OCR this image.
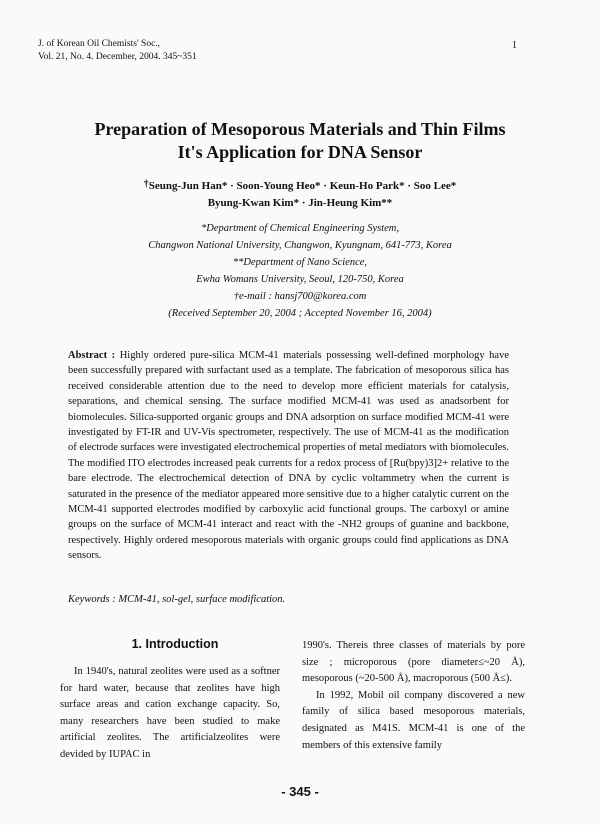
J. of Korean Oil Chemists' Soc.,
Vol. 21, No. 4. December, 2004. 345~351
1
Preparation of Mesoporous Materials and Thin Films
It's Application for DNA Sensor
†Seung-Jun Han* · Soon-Young Heo* · Keun-Ho Park* · Soo Lee*
Byung-Kwan Kim* · Jin-Heung Kim**
*Department of Chemical Engineering System,
Changwon National University, Changwon, Kyungnam, 641-773, Korea
**Department of Nano Science,
Ewha Womans University, Seoul, 120-750, Korea
†e-mail : hansj700@korea.com
(Received September 20, 2004 ; Accepted November 16, 2004)
Abstract : Highly ordered pure-silica MCM-41 materials possessing well-defined morphology have been successfully prepared with surfactant used as a template. The fabrication of mesoporous silica has received considerable attention due to the need to develop more efficient materials for catalysis, separations, and chemical sensing. The surface modified MCM-41 was used as anadsorbent for biomolecules. Silica-supported organic groups and DNA adsorption on surface modified MCM-41 were investigated by FT-IR and UV-Vis spectrometer, respectively. The use of MCM-41 as the modification of electrode surfaces were investigated electrochemical properties of metal mediators with biomolecules. The modified ITO electrodes increased peak currents for a redox process of [Ru(bpy)3]2+ relative to the bare electrode. The electrochemical detection of DNA by cyclic voltammetry when the current is saturated in the presence of the mediator appeared more sensitive due to a higher catalytic current on the MCM-41 supported electrodes modified by carboxylic acid functional groups. The carboxyl or amine groups on the surface of MCM-41 interact and react with the -NH2 groups of guanine and backbone, respectively. Highly ordered mesoporous materials with organic groups could find applications as DNA sensors.
Keywords : MCM-41, sol-gel, surface modification.
1. Introduction

In 1940's, natural zeolites were used as a softner for hard water, because that zeolites have high surface areas and cation exchange capacity. So, many researchers have been studied to make artificial zeolites. The artificialzeolites were devided by IUPAC in

1990's. Thereis three classes of materials by pore size ; microporous (pore diameter≤~20 Å), mesoporous (~20-500 Å), macroporous (500 Å≤).

In 1992, Mobil oil company discovered a new family of silica based mesoporous materials, designated as M41S. MCM-41 is one of the members of this extensive family

- 345 -
